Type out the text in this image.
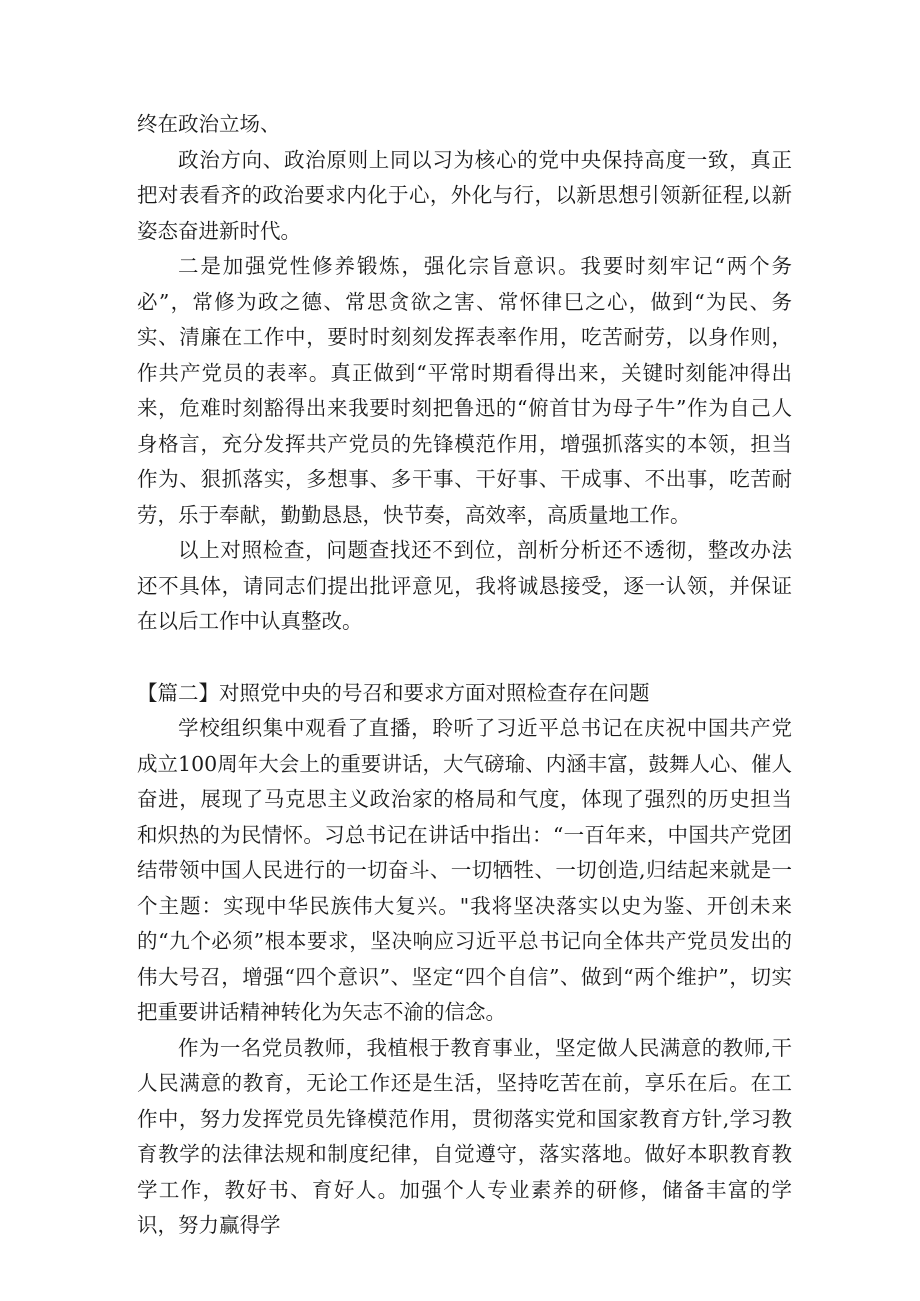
终在政治立场、

政治方向、政治原则上同以习为核心的党中央保持高度一致，真正把对表看齐的政治要求内化于心，外化与行，以新思想引领新征程,以新姿态奋进新时代。

二是加强党性修养锻炼，强化宗旨意识。我要时刻牢记“两个务必”，常修为政之德、常思贪欲之害、常怀律巳之心，做到“为民、务实、清廉在工作中，要时时刻刻发挥表率作用，吃苦耐劳，以身作则，作共产党员的表率。真正做到“平常时期看得出来，关键时刻能冲得出来，危难时刻豁得出来我要时刻把鲁迅的“俯首甘为母子牛”作为自己人身格言，充分发挥共产党员的先锋模范作用，增强抓落实的本领，担当作为、狠抓落实，多想事、多干事、干好事、干成事、不出事，吃苦耐劳，乐于奉献，勤勤恳恳，快节奏，高效率，高质量地工作。

以上对照检查，问题查找还不到位，剖析分析还不透彻，整改办法还不具体，请同志们提出批评意见，我将诚恳接受，逐一认领，并保证在以后工作中认真整改。

【篇二】对照党中央的号召和要求方面对照检查存在问题

学校组织集中观看了直播，聆听了习近平总书记在庆祝中国共产党成立100周年大会上的重要讲话，大气磅瑜、内涵丰富，鼓舞人心、催人奋进，展现了马克思主义政治家的格局和气度，体现了强烈的历史担当和炽热的为民情怀。习总书记在讲话中指出：“一百年来，中国共产党团结带领中国人民进行的一切奋斗、一切牺牲、一切创造,归结起来就是一个主题：实现中华民族伟大复兴。"我将坚决落实以史为鉴、开创未来的“九个必须”根本要求，坚决响应习近平总书记向全体共产党员发出的伟大号召，增强“四个意识”、坚定“四个自信”、做到“两个维护”，切实把重要讲话精神转化为矢志不渝的信念。

作为一名党员教师，我植根于教育事业，坚定做人民满意的教师,干人民满意的教育，无论工作还是生活，坚持吃苦在前，享乐在后。在工作中，努力发挥党员先锋模范作用，贯彻落实党和国家教育方针,学习教育教学的法律法规和制度纪律，自觉遵守，落实落地。做好本职教育教学工作，教好书、育好人。加强个人专业素养的研修，储备丰富的学识，努力赢得学
